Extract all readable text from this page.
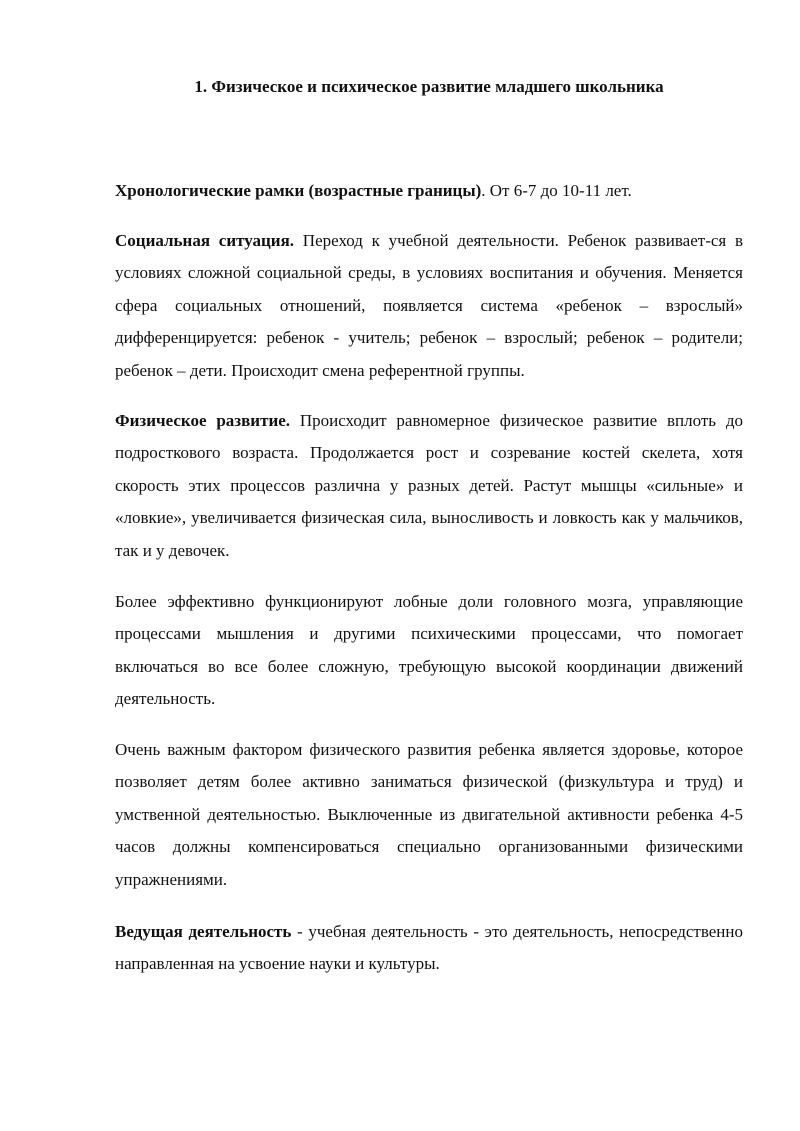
1. Физическое и психическое развитие младшего школьника

Хронологические рамки (возрастные границы). От 6-7 до 10-11 лет.

Социальная ситуация. Переход к учебной деятельности. Ребенок развивает-ся в условиях сложной социальной среды, в условиях воспитания и обучения. Меняется сфера социальных отношений, появляется система «ребенок – взрослый» дифференцируется: ребенок - учитель; ребенок – взрослый; ребенок – родители; ребенок – дети. Происходит смена референтной группы.

Физическое развитие. Происходит равномерное физическое развитие вплоть до подросткового возраста. Продолжается рост и созревание костей скелета, хотя скорость этих процессов различна у разных детей. Растут мышцы «сильные» и «ловкие», увеличивается физическая сила, выносливость и ловкость как у мальчиков, так и у девочек.

Более эффективно функционируют лобные доли головного мозга, управляющие процессами мышления и другими психическими процессами, что помогает включаться во все более сложную, требующую высокой координации движений деятельность.

Очень важным фактором физического развития ребенка является здоровье, которое позволяет детям более активно заниматься физической (физкультура и труд) и умственной деятельностью. Выключенные из двигательной активности ребенка 4-5 часов должны компенсироваться специально организованными физическими упражнениями.

Ведущая деятельность - учебная деятельность - это деятельность, непосредственно направленная на усвоение науки и культуры.
